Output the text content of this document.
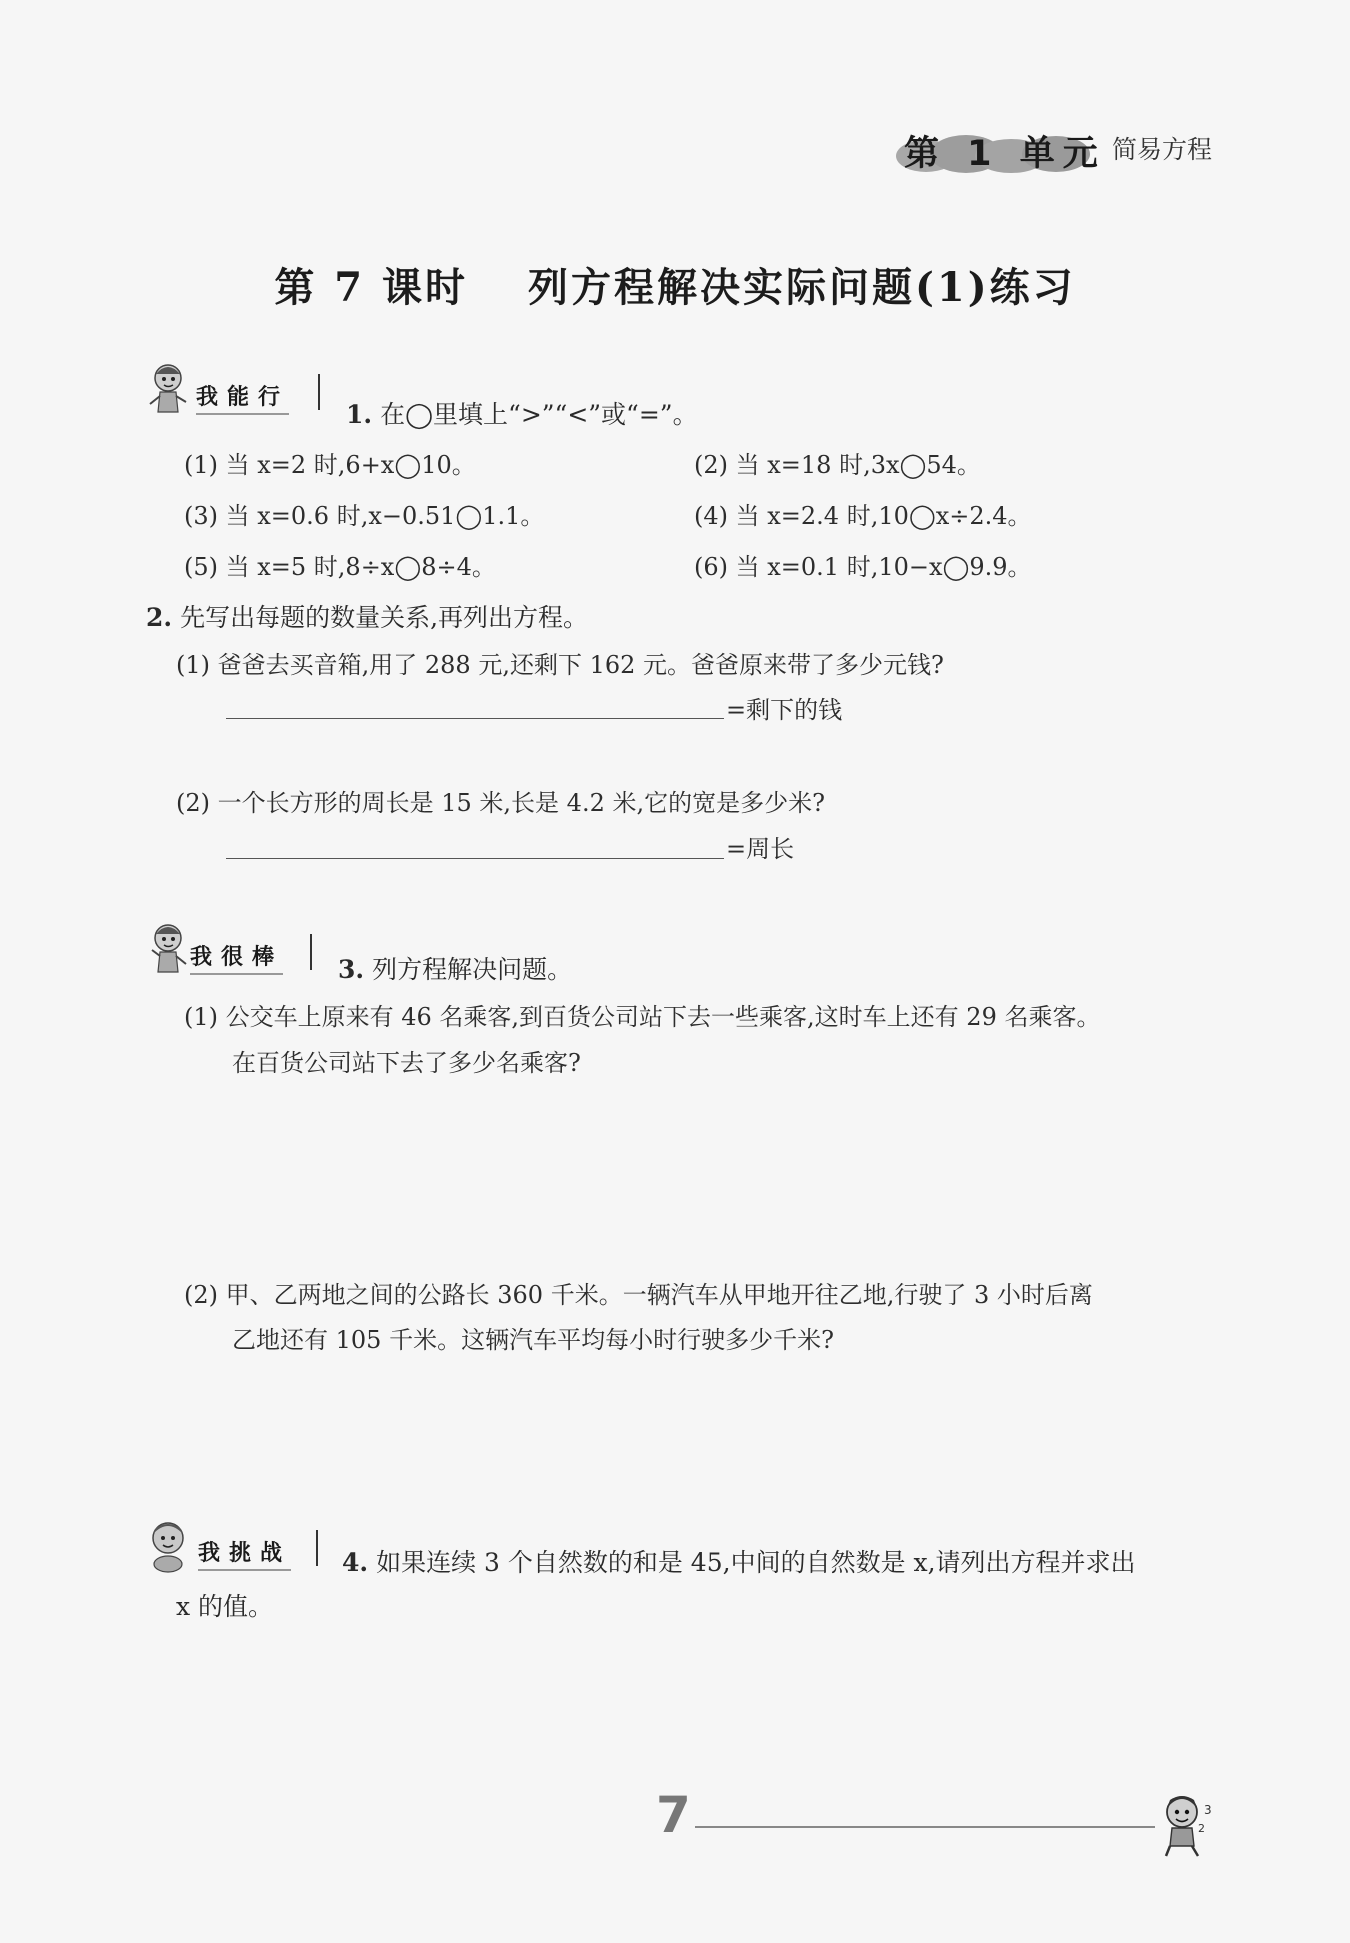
第 1 单元 简易方程
第 7 课时　 列方程解决实际问题(1)练习
我能行
1. 在◯里填上“>”“<”或“=”。
(1) 当 x=2 时,6+x◯10。	(2) 当 x=18 时,3x◯54。
(3) 当 x=0.6 时,x−0.51◯1.1。	(4) 当 x=2.4 时,10◯x÷2.4。
(5) 当 x=5 时,8÷x◯8÷4。	(6) 当 x=0.1 时,10−x◯9.9。
2. 先写出每题的数量关系,再列出方程。
(1) 爸爸去买音箱,用了 288 元,还剩下 162 元。爸爸原来带了多少元钱?
=剩下的钱
(2) 一个长方形的周长是 15 米,长是 4.2 米,它的宽是多少米?
=周长
我很棒 3. 列方程解决问题。
(1) 公交车上原来有 46 名乘客,到百货公司站下去一些乘客,这时车上还有 29 名乘客。
在百货公司站下去了多少名乘客?
(2) 甲、乙两地之间的公路长 360 千米。一辆汽车从甲地开往乙地,行驶了 3 小时后离
乙地还有 105 千米。这辆汽车平均每小时行驶多少千米?
我挑战 4. 如果连续 3 个自然数的和是 45,中间的自然数是 x,请列出方程并求出
x 的值。
7	3
2
